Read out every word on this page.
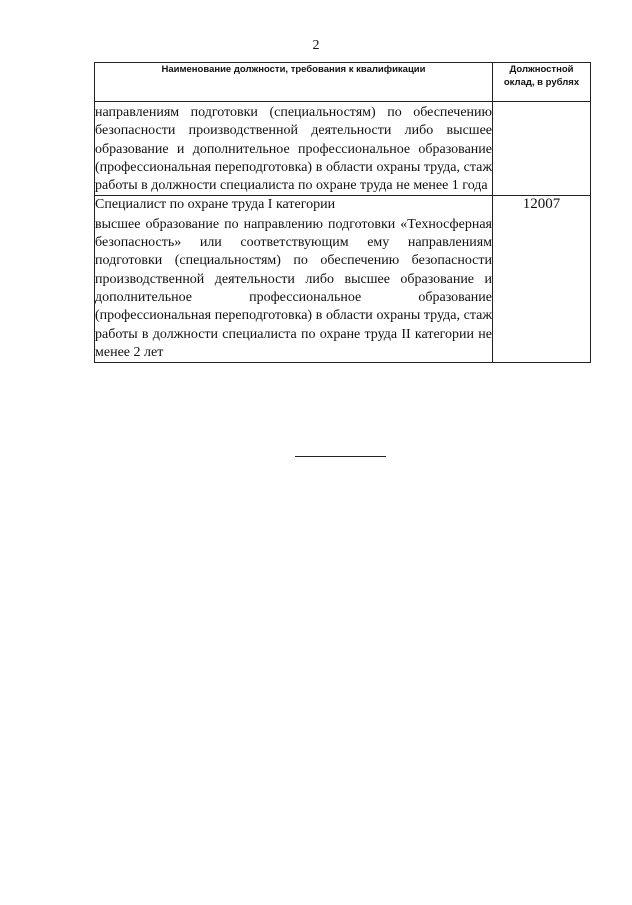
2
Наименование должности, требования к квалификации	Должностной оклад, в рублях

направлениям подготовки (специальностям) по обеспечению безопасности производственной деятельности либо высшее образование и дополнительное профессиональное образование (профессиональная переподготовка) в области охраны труда, стаж работы в должности специалиста по охране труда не менее 1 года	

Специалист по охране труда I категории
высшее образование по направлению подготовки «Техносферная безопасность» или соответствующим ему направлениям подготовки (специальностям) по обеспечению безопасности производственной деятельности либо высшее образование и дополнительное профессиональное образование (профессиональная переподготовка) в области охраны труда, стаж работы в должности специалиста по охране труда II категории не менее 2 лет	12007
